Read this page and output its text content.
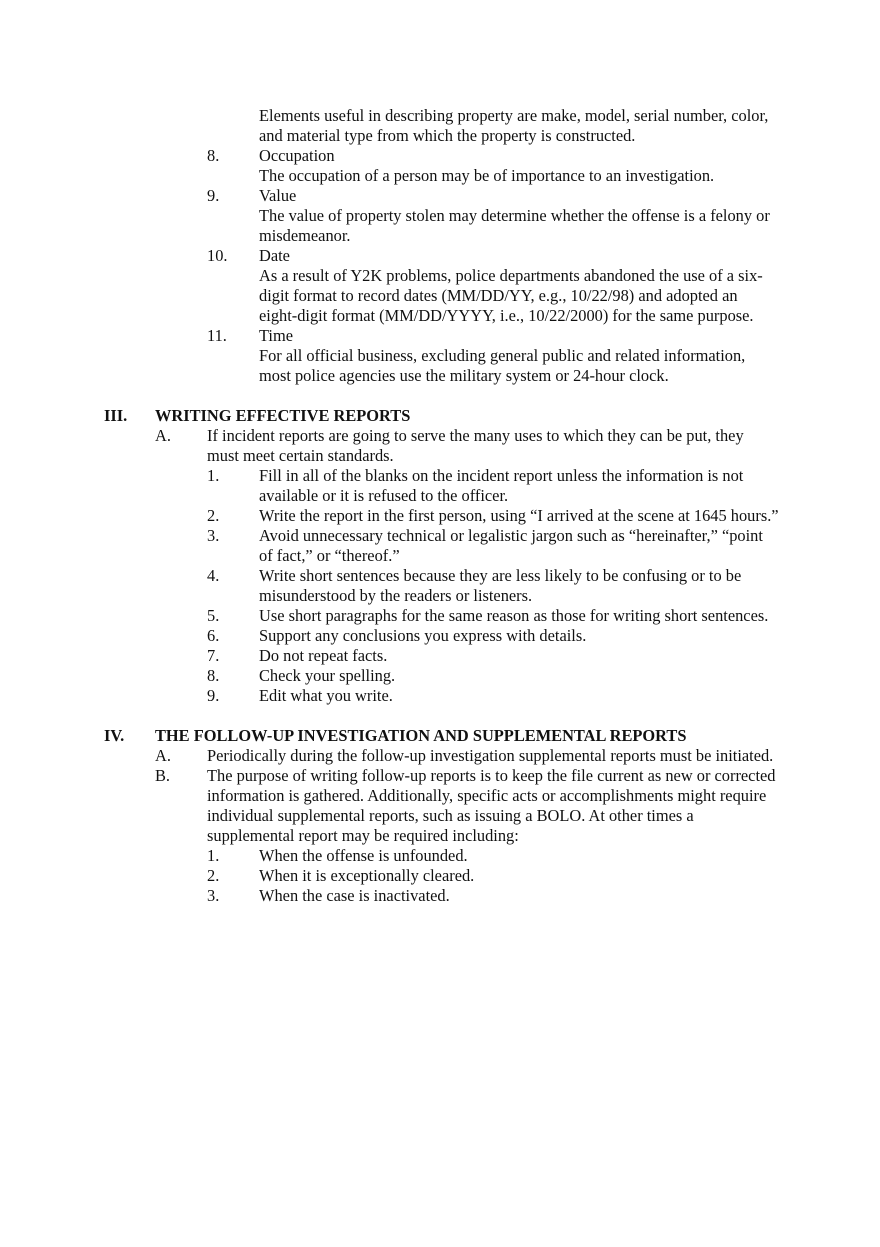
Elements useful in describing property are make, model, serial number, color, and material type from which the property is constructed.
8. Occupation
The occupation of a person may be of importance to an investigation.
9. Value
The value of property stolen may determine whether the offense is a felony or misdemeanor.
10. Date
As a result of Y2K problems, police departments abandoned the use of a six-digit format to record dates (MM/DD/YY, e.g., 10/22/98) and adopted an eight-digit format (MM/DD/YYYY, i.e., 10/22/2000) for the same purpose.
11. Time
For all official business, excluding general public and related information, most police agencies use the military system or 24-hour clock.
III. WRITING EFFECTIVE REPORTS
A. If incident reports are going to serve the many uses to which they can be put, they must meet certain standards.
1. Fill in all of the blanks on the incident report unless the information is not available or it is refused to the officer.
2. Write the report in the first person, using “I arrived at the scene at 1645 hours.”
3. Avoid unnecessary technical or legalistic jargon such as “hereinafter,” “point of fact,” or “thereof.”
4. Write short sentences because they are less likely to be confusing or to be misunderstood by the readers or listeners.
5. Use short paragraphs for the same reason as those for writing short sentences.
6. Support any conclusions you express with details.
7. Do not repeat facts.
8. Check your spelling.
9. Edit what you write.
IV. THE FOLLOW-UP INVESTIGATION AND SUPPLEMENTAL REPORTS
A. Periodically during the follow-up investigation supplemental reports must be initiated.
B. The purpose of writing follow-up reports is to keep the file current as new or corrected information is gathered. Additionally, specific acts or accomplishments might require individual supplemental reports, such as issuing a BOLO. At other times a supplemental report may be required including:
1. When the offense is unfounded.
2. When it is exceptionally cleared.
3. When the case is inactivated.
